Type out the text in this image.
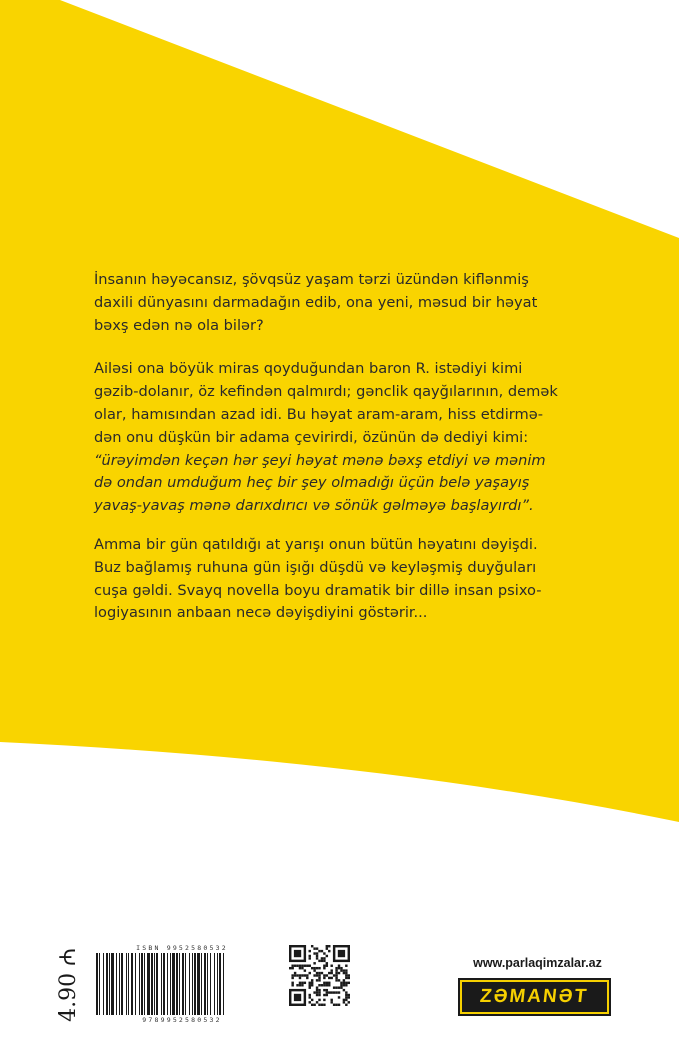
İnsanın həyəcansız, şövqsüz yaşam tərzi üzündən kiflənmiş
daxili dünyasını darmadağın edib, ona yeni, məsud bir həyat
bəxş edən nə ola bilər?

Ailəsi ona böyük miras qoyduğundan baron R. istədiyi kimi
gəzib-dolanır, öz kefindən qalmırdı; gənclik qayğılarının, demək
olar, hamısından azad idi. Bu həyat aram-aram, hiss etdirmə-
dən onu düşkün bir adama çevirirdi, özünün də dediyi kimi:
“ürəyimdən keçən hər şeyi həyat mənə bəxş etdiyi və mənim
də ondan umduğum heç bir şey olmadığı üçün belə yaşayış
yavaş-yavaş mənə darıxdırıcı və sönük gəlməyə başlayırdı”.

Amma bir gün qatıldığı at yarışı onun bütün həyatını dəyişdi.
Buz bağlamış ruhuna gün işığı düşdü və keyləşmiş duyğuları
cuşa gəldi. Svayq novella boyu dramatik bir dillə insan psixo-
logiyasının anbaan necə dəyişdiyini göstərir...

4.90 ₼
ISBN 9952580532
9789952580532
www.parlaqimzalar.az
ZƏMANƏT
